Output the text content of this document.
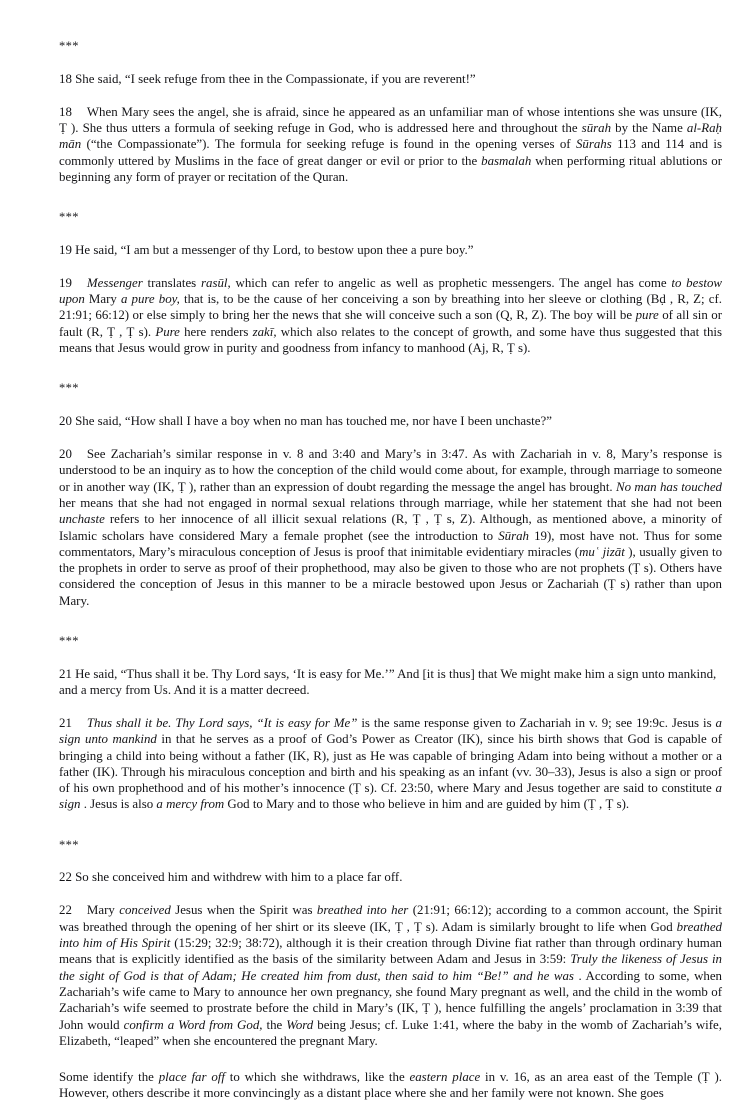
***

18 She said, “I seek refuge from thee in the Compassionate, if you are reverent!”

18 When Mary sees the angel, she is afraid, since he appeared as an unfamiliar man of whose intentions she was unsure (IK, Ṭ ). She thus utters a formula of seeking refuge in God, who is addressed here and throughout the sūrah by the Name al-Raḥ mān (“the Compassionate”). The formula for seeking refuge is found in the opening verses of Sūrahs 113 and 114 and is commonly uttered by Muslims in the face of great danger or evil or prior to the basmalah when performing ritual ablutions or beginning any form of prayer or recitation of the Quran.

***

19 He said, “I am but a messenger of thy Lord, to bestow upon thee a pure boy.”

19 Messenger translates rasūl, which can refer to angelic as well as prophetic messengers. The angel has come to bestow upon Mary a pure boy, that is, to be the cause of her conceiving a son by breathing into her sleeve or clothing (Bḍ , R, Z; cf. 21:91; 66:12) or else simply to bring her the news that she will conceive such a son (Q, R, Z). The boy will be pure of all sin or fault (R, Ṭ , Ṭ s). Pure here renders zakī, which also relates to the concept of growth, and some have thus suggested that this means that Jesus would grow in purity and goodness from infancy to manhood (Aj, R, Ṭ s).

***

20 She said, “How shall I have a boy when no man has touched me, nor have I been unchaste?”

20 See Zachariah’s similar response in v. 8 and 3:40 and Mary’s in 3:47. As with Zachariah in v. 8, Mary’s response is understood to be an inquiry as to how the conception of the child would come about, for example, through marriage to someone or in another way (IK, Ṭ ), rather than an expression of doubt regarding the message the angel has brought. No man has touched her means that she had not engaged in normal sexual relations through marriage, while her statement that she had not been unchaste refers to her innocence of all illicit sexual relations (R, Ṭ , Ṭ s, Z). Although, as mentioned above, a minority of Islamic scholars have considered Mary a female prophet (see the introduction to Sūrah 19), most have not. Thus for some commentators, Mary’s miraculous conception of Jesus is proof that inimitable evidentiary miracles (muʿ jizāt ), usually given to the prophets in order to serve as proof of their prophethood, may also be given to those who are not prophets (Ṭ s). Others have considered the conception of Jesus in this manner to be a miracle bestowed upon Jesus or Zachariah (Ṭ s) rather than upon Mary.

***

21 He said, “Thus shall it be. Thy Lord says, ‘It is easy for Me.’” And [it is thus] that We might make him a sign unto mankind, and a mercy from Us. And it is a matter decreed.

21 Thus shall it be. Thy Lord says, “It is easy for Me” is the same response given to Zachariah in v. 9; see 19:9c. Jesus is a sign unto mankind in that he serves as a proof of God’s Power as Creator (IK), since his birth shows that God is capable of bringing a child into being without a father (IK, R), just as He was capable of bringing Adam into being without a mother or a father (IK). Through his miraculous conception and birth and his speaking as an infant (vv. 30–33), Jesus is also a sign or proof of his own prophethood and of his mother’s innocence (Ṭ s). Cf. 23:50, where Mary and Jesus together are said to constitute a sign . Jesus is also a mercy from God to Mary and to those who believe in him and are guided by him (Ṭ , Ṭ s).

***

22 So she conceived him and withdrew with him to a place far off.

22 Mary conceived Jesus when the Spirit was breathed into her (21:91; 66:12); according to a common account, the Spirit was breathed through the opening of her shirt or its sleeve (IK, Ṭ , Ṭ s). Adam is similarly brought to life when God breathed into him of His Spirit (15:29; 32:9; 38:72), although it is their creation through Divine fiat rather than through ordinary human means that is explicitly identified as the basis of the similarity between Adam and Jesus in 3:59: Truly the likeness of Jesus in the sight of God is that of Adam; He created him from dust, then said to him “Be!” and he was . According to some, when Zachariah’s wife came to Mary to announce her own pregnancy, she found Mary pregnant as well, and the child in the womb of Zachariah’s wife seemed to prostrate before the child in Mary’s (IK, Ṭ ), hence fulfilling the angels’ proclamation in 3:39 that John would confirm a Word from God, the Word being Jesus; cf. Luke 1:41, where the baby in the womb of Zachariah’s wife, Elizabeth, “leaped” when she encountered the pregnant Mary.

Some identify the place far off to which she withdraws, like the eastern place in v. 16, as an area east of the Temple (Ṭ ). However, others describe it more convincingly as a distant place where she and her family were not known. She goes
